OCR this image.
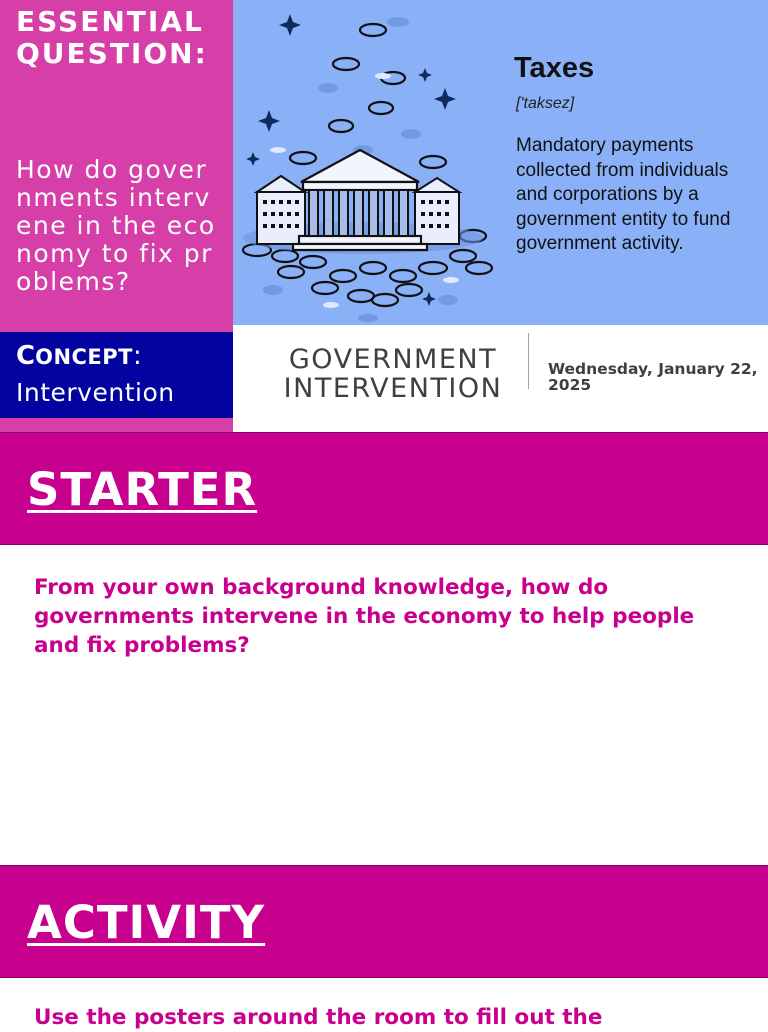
ESSENTIAL QUESTION:
How do governments intervene in the economy to fix problems?
CONCEPT:
Intervention
Taxes
['taksez]
Mandatory payments collected from individuals and corporations by a government entity to fund government activity.
GOVERNMENT INTERVENTION
Wednesday, January 22, 2025
STARTER
From your own background knowledge, how do governments intervene in the economy to help people and fix problems?
ACTIVITY
Use the posters around the room to fill out the
